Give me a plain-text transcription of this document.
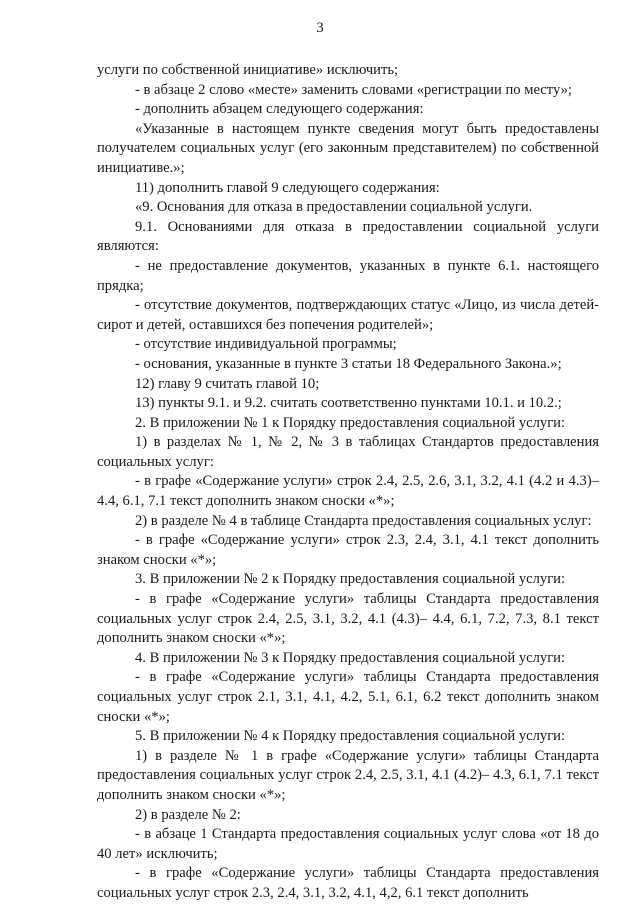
3

услуги по собственной инициативе» исключить;

- в абзаце 2 слово «месте» заменить словами «регистрации по месту»;

- дополнить абзацем следующего содержания:

«Указанные в настоящем пункте сведения могут быть предоставлены получателем социальных услуг (его законным представителем) по собственной инициативе.»;

11) дополнить главой 9 следующего содержания:

«9. Основания для отказа в предоставлении социальной услуги.

9.1. Основаниями для отказа в предоставлении социальной услуги являются:

- не предоставление документов, указанных в пункте 6.1. настоящего прядка;

- отсутствие документов, подтверждающих статус «Лицо, из числа детей-сирот и детей, оставшихся без попечения родителей»;

- отсутствие индивидуальной программы;

- основания, указанные в пункте 3 статьи 18 Федерального Закона.»;

12) главу 9 считать главой 10;

13) пункты 9.1. и 9.2. считать соответственно пунктами 10.1. и 10.2.;

2. В приложении № 1 к Порядку предоставления социальной услуги:

1) в разделах № 1, № 2, № 3 в таблицах Стандартов предоставления социальных услуг:

- в графе «Содержание услуги» строк 2.4, 2.5, 2.6, 3.1, 3.2, 4.1 (4.2 и 4.3)– 4.4, 6.1, 7.1 текст дополнить знаком сноски «*»;

2) в разделе № 4 в таблице Стандарта предоставления социальных услуг:

- в графе «Содержание услуги» строк 2.3, 2.4, 3.1, 4.1 текст дополнить знаком сноски «*»;

3. В приложении № 2 к Порядку предоставления социальной услуги:

- в графе «Содержание услуги» таблицы Стандарта предоставления социальных услуг строк 2.4, 2.5, 3.1, 3.2, 4.1 (4.3)– 4.4, 6.1, 7.2, 7.3, 8.1 текст дополнить знаком сноски «*»;

4. В приложении № 3 к Порядку предоставления социальной услуги:

- в графе «Содержание услуги» таблицы Стандарта предоставления социальных услуг строк 2.1, 3.1, 4.1, 4.2, 5.1, 6.1, 6.2 текст дополнить знаком сноски «*»;

5. В приложении № 4 к Порядку предоставления социальной услуги:

1) в разделе № 1 в графе «Содержание услуги» таблицы Стандарта предоставления социальных услуг строк 2.4, 2.5, 3.1, 4.1 (4.2)– 4.3, 6.1, 7.1 текст дополнить знаком сноски «*»;

2) в разделе № 2:

- в абзаце 1 Стандарта предоставления социальных услуг слова «от 18 до 40 лет» исключить;

- в графе «Содержание услуги» таблицы Стандарта предоставления социальных услуг строк 2.3, 2.4, 3.1, 3.2, 4.1, 4,2, 6.1 текст дополнить
